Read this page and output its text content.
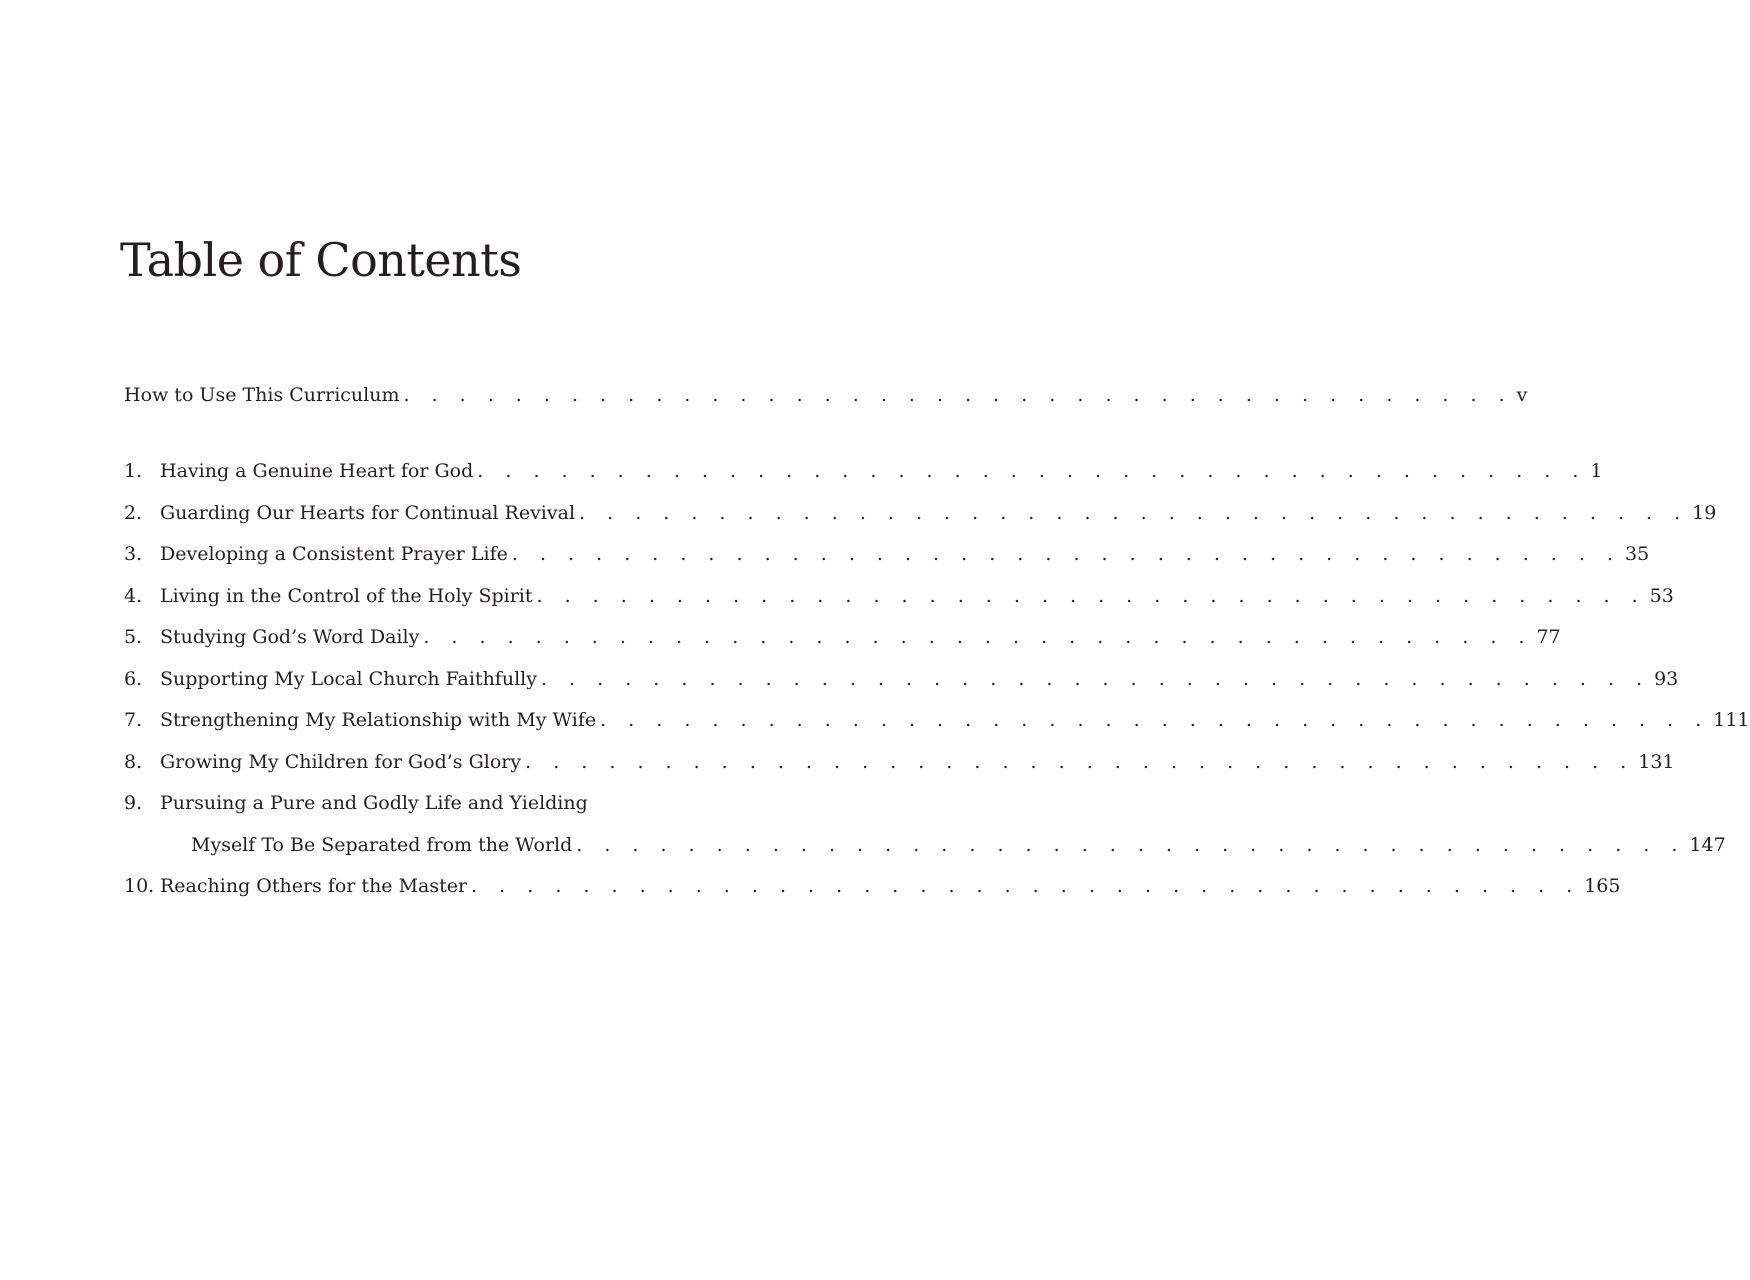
Table of Contents
How to Use This Curriculum . . . . . . . . . . . . . . . . . . . . . . . . . . . . . . . . . . . . . . . . v
1. Having a Genuine Heart for God . . . . . . . . . . . . . . . . . . . . . . . . . . . . . . . . . . . . . . . . 1
2. Guarding Our Hearts for Continual Revival . . . . . . . . . . . . . . . . . . . . . . . . . . . . . . . . . . . . . . . . 19
3. Developing a Consistent Prayer Life . . . . . . . . . . . . . . . . . . . . . . . . . . . . . . . . . . . . . . . . 35
4. Living in the Control of the Holy Spirit . . . . . . . . . . . . . . . . . . . . . . . . . . . . . . . . . . . . . . . . 53
5. Studying God’s Word Daily . . . . . . . . . . . . . . . . . . . . . . . . . . . . . . . . . . . . . . . . 77
6. Supporting My Local Church Faithfully . . . . . . . . . . . . . . . . . . . . . . . . . . . . . . . . . . . . . . . . 93
7. Strengthening My Relationship with My Wife . . . . . . . . . . . . . . . . . . . . . . . . . . . . . . . . . . . . . . . . 111
8. Growing My Children for God’s Glory . . . . . . . . . . . . . . . . . . . . . . . . . . . . . . . . . . . . . . . . 131
9. Pursuing a Pure and Godly Life and Yielding
Myself To Be Separated from the World . . . . . . . . . . . . . . . . . . . . . . . . . . . . . . . . . . . . . . . . 147
10. Reaching Others for the Master . . . . . . . . . . . . . . . . . . . . . . . . . . . . . . . . . . . . . . . . 165
